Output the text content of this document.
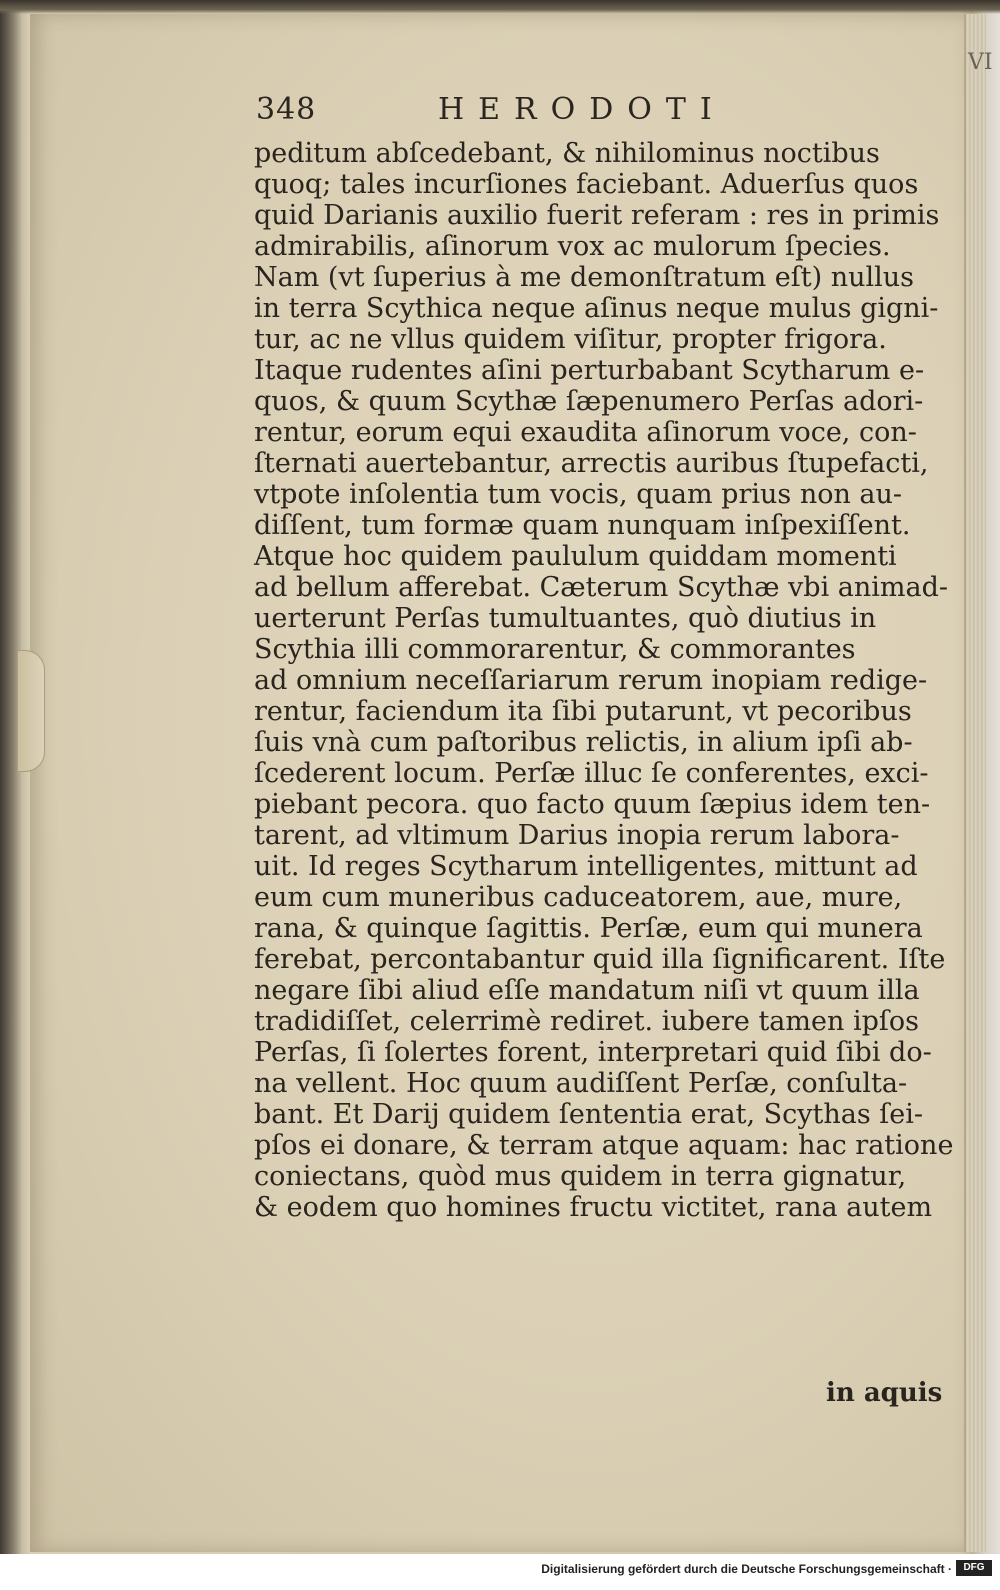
VI
348	HERODOTI
peditum abſcedebant, & nihilominus noctibus
quoq; tales incurſiones faciebant. Aduerſus quos
quid Darianis auxilio fuerit referam : res in primis
admirabilis, aſinorum vox ac mulorum ſpecies.
Nam (vt ſuperius à me demonſtratum eſt) nullus
in terra Scythica neque aſinus neque mulus gigni-
tur, ac ne vllus quidem viſitur, propter frigora.
Itaque rudentes aſini perturbabant Scytharum e-
quos, & quum Scythæ ſæpenumero Perſas adori-
rentur, eorum equi exaudita aſinorum voce, con-
ſternati auertebantur, arrectis auribus ſtupefacti,
vtpote inſolentia tum vocis, quam prius non au-
diſſent, tum formæ quam nunquam inſpexiſſent.
Atque hoc quidem paululum quiddam momenti
ad bellum afferebat. Cæterum Scythæ vbi animad-
uerterunt Perſas tumultuantes, quò diutius in
Scythia illi commorarentur, & commorantes
ad omnium neceſſariarum rerum inopiam redige-
rentur, faciendum ita ſibi putarunt, vt pecoribus
ſuis vnà cum paſtoribus relictis, in alium ipſi ab-
ſcederent locum. Perſæ illuc ſe conferentes, exci-
piebant pecora. quo facto quum ſæpius idem ten-
tarent, ad vltimum Darius inopia rerum labora-
uit. Id reges Scytharum intelligentes, mittunt ad
eum cum muneribus caduceatorem, aue, mure,
rana, & quinque ſagittis. Perſæ, eum qui munera
ferebat, percontabantur quid illa ſignificarent. Iſte
negare ſibi aliud eſſe mandatum niſi vt quum illa
tradidiſſet, celerrimè rediret. iubere tamen ipſos
Perſas, ſi ſolertes forent, interpretari quid ſibi do-
na vellent. Hoc quum audiſſent Perſæ, conſulta-
bant. Et Darij quidem ſententia erat, Scythas ſei-
pſos ei donare, & terram atque aquam: hac ratione
coniectans, quòd mus quidem in terra gignatur,
& eodem quo homines fructu victitet, rana autem
in aquis
Digitalisierung gefördert durch die Deutsche Forschungsgemeinschaft ·	DFG
